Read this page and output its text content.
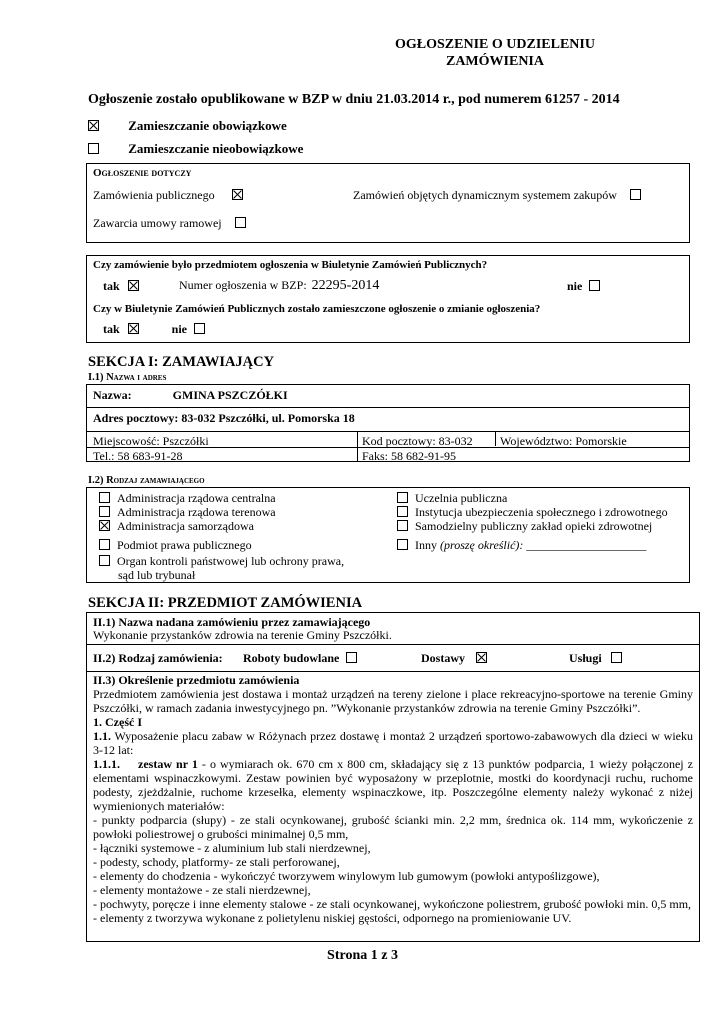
OGŁOSZENIE O UDZIELENIU
ZAMÓWIENIA
Ogłoszenie zostało opublikowane w BZP w dniu 21.03.2014 r., pod numerem 61257 - 2014
Zamieszczanie obowiązkowe
Zamieszczanie nieobowiązkowe
Ogłoszenie dotyczy
Zamówienia publicznego	Zamówień objętych dynamicznym systemem zakupów
Zawarcia umowy ramowej
Czy zamówienie było przedmiotem ogłoszenia w Biuletynie Zamówień Publicznych?
tak	Numer ogłoszenia w BZP: 22295-2014	nie
Czy w Biuletynie Zamówień Publicznych zostało zamieszczone ogłoszenie o zmianie ogłoszenia?
tak	nie
SEKCJA I: ZAMAWIAJĄCY
I.1) Nazwa i adres
Nazwa:	GMINA PSZCZÓŁKI
Adres pocztowy: 83-032 Pszczółki, ul. Pomorska 18
Miejscowość: Pszczółki	Kod pocztowy: 83-032 Województwo: Pomorskie
Tel.: 58 683-91-28	Faks: 58 682-91-95
I.2) Rodzaj zamawiającego
Administracja rządowa centralna
Administracja rządowa terenowa
Administracja samorządowa
Podmiot prawa publicznego
Organ kontroli państwowej lub ochrony prawa,
sąd lub trybunał
Uczelnia publiczna
Instytucja ubezpieczenia społecznego i zdrowotnego
Samodzielny publiczny zakład opieki zdrowotnej
Inny (proszę określić): ____________________
SEKCJA II: PRZEDMIOT ZAMÓWIENIA
II.1) Nazwa nadana zamówieniu przez zamawiającego
Wykonanie przystanków zdrowia na terenie Gminy Pszczółki.
II.2) Rodzaj zamówienia: Roboty budowlane	Dostawy	Usługi
II.3) Określenie przedmiotu zamówienia
Przedmiotem zamówienia jest dostawa i montaż urządzeń na tereny zielone i place rekreacyjno-sportowe na terenie Gminy Pszczółki, w ramach zadania inwestycyjnego pn. ”Wykonanie przystanków zdrowia na terenie Gminy Pszczółki”.
1. Część I
1.1. Wyposażenie placu zabaw w Różynach przez dostawę i montaż 2 urządzeń sportowo-zabawowych dla dzieci w wieku 3-12 lat:
1.1.1. zestaw nr 1 - o wymiarach ok. 670 cm x 800 cm, składający się z 13 punktów podparcia, 1 wieży połączonej z elementami wspinaczkowymi. Zestaw powinien być wyposażony w przeplotnie, mostki do koordynacji ruchu, ruchome podesty, zjeżdżalnie, ruchome krzesełka, elementy wspinaczkowe, itp. Poszczególne elementy należy wykonać z niżej wymienionych materiałów:
- punkty podparcia (słupy) - ze stali ocynkowanej, grubość ścianki min. 2,2 mm, średnica ok. 114 mm, wykończenie z powłoki poliestrowej o grubości minimalnej 0,5 mm,
- łączniki systemowe - z aluminium lub stali nierdzewnej,
- podesty, schody, platformy- ze stali perforowanej,
- elementy do chodzenia - wykończyć tworzywem winylowym lub gumowym (powłoki antypoślizgowe),
- elementy montażowe - ze stali nierdzewnej,
- pochwyty, poręcze i inne elementy stalowe - ze stali ocynkowanej, wykończone poliestrem, grubość powłoki min. 0,5 mm,
- elementy z tworzywa wykonane z polietylenu niskiej gęstości, odpornego na promieniowanie UV.
Strona 1 z 3
